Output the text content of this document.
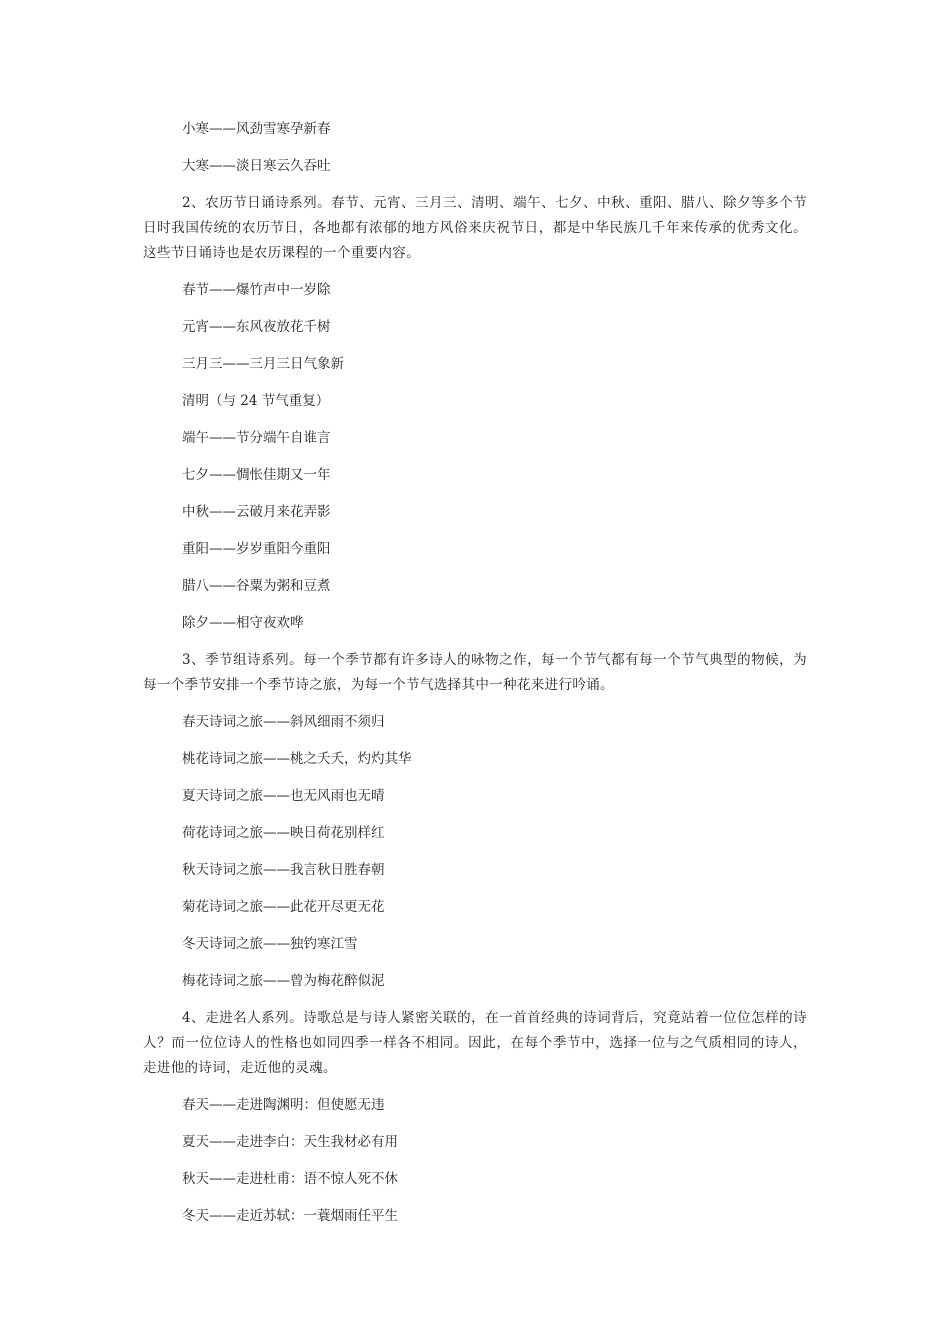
小寒——风劲雪寒孕新春
大寒——淡日寒云久吞吐
2、农历节日诵诗系列。春节、元宵、三月三、清明、端午、七夕、中秋、重阳、腊八、除夕等多个节日时我国传统的农历节日，各地都有浓郁的地方风俗来庆祝节日，都是中华民族几千年来传承的优秀文化。这些节日诵诗也是农历课程的一个重要内容。
春节——爆竹声中一岁除
元宵——东风夜放花千树
三月三——三月三日气象新
清明（与 24 节气重复）
端午——节分端午自谁言
七夕——惆怅佳期又一年
中秋——云破月来花弄影
重阳——岁岁重阳今重阳
腊八——谷粟为粥和豆煮
除夕——相守夜欢哗
3、季节组诗系列。每一个季节都有许多诗人的咏物之作，每一个节气都有每一个节气典型的物候，为每一个季节安排一个季节诗之旅，为每一个节气选择其中一种花来进行吟诵。
春天诗词之旅——斜风细雨不须归
桃花诗词之旅——桃之夭夭，灼灼其华
夏天诗词之旅——也无风雨也无晴
荷花诗词之旅——映日荷花别样红
秋天诗词之旅——我言秋日胜春朝
菊花诗词之旅——此花开尽更无花
冬天诗词之旅——独钓寒江雪
梅花诗词之旅——曾为梅花醉似泥
4、走进名人系列。诗歌总是与诗人紧密关联的，在一首首经典的诗词背后，究竟站着一位位怎样的诗人？而一位位诗人的性格也如同四季一样各不相同。因此，在每个季节中，选择一位与之气质相同的诗人，走进他的诗词，走近他的灵魂。
春天——走进陶渊明：但使愿无违
夏天——走进李白：天生我材必有用
秋天——走进杜甫：语不惊人死不休
冬天——走近苏轼：一蓑烟雨任平生
